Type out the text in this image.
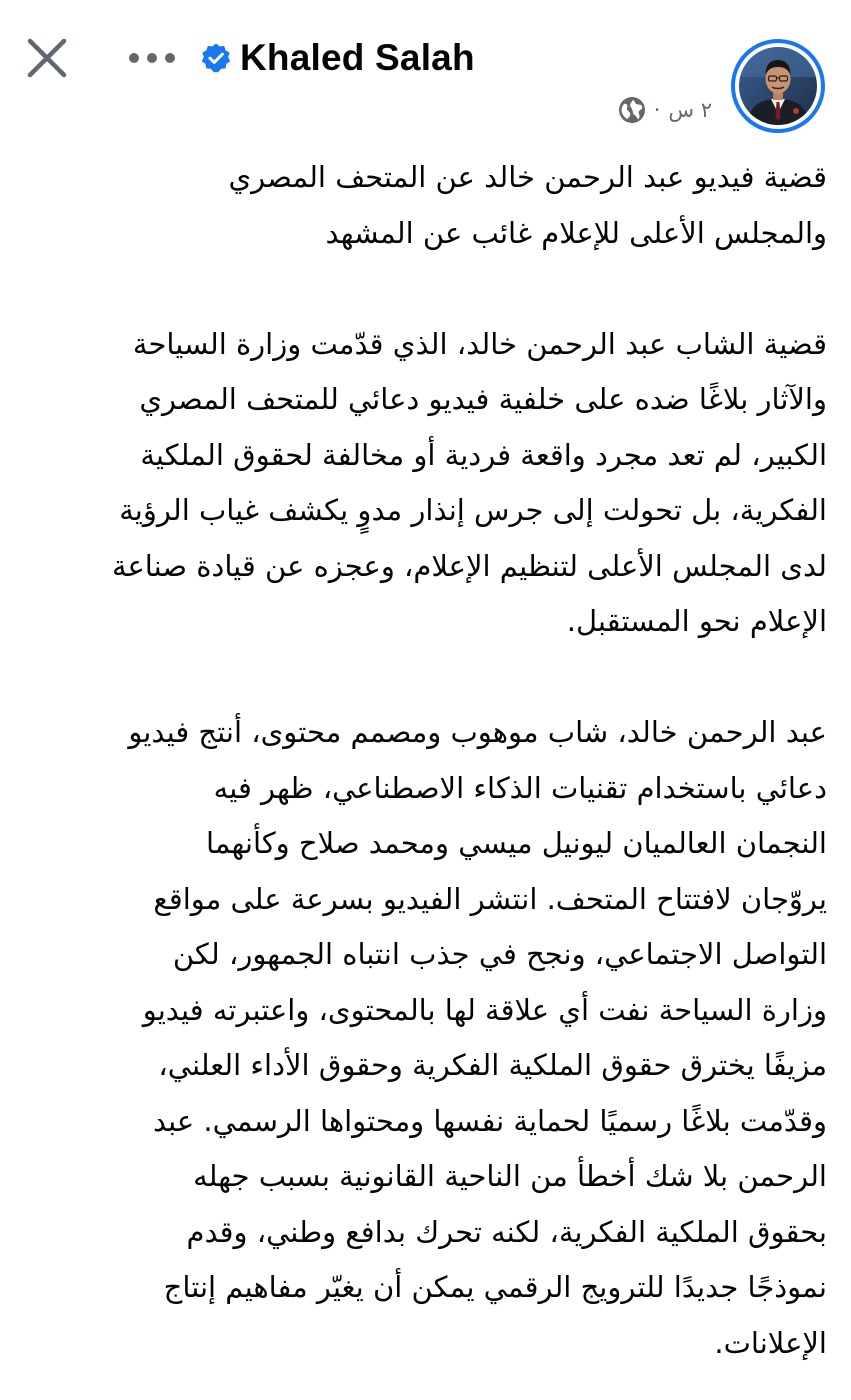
Khaled Salah
٢ س
·

قضية فيديو عبد الرحمن خالد عن المتحف المصري
والمجلس الأعلى للإعلام غائب عن المشهد

قضية الشاب عبد الرحمن خالد، الذي قدّمت وزارة السياحة
والآثار بلاغًا ضده على خلفية فيديو دعائي للمتحف المصري
الكبير، لم تعد مجرد واقعة فردية أو مخالفة لحقوق الملكية
الفكرية، بل تحولت إلى جرس إنذار مدوٍ يكشف غياب الرؤية
لدى المجلس الأعلى لتنظيم الإعلام، وعجزه عن قيادة صناعة
الإعلام نحو المستقبل.

عبد الرحمن خالد، شاب موهوب ومصمم محتوى، أنتج فيديو
دعائي باستخدام تقنيات الذكاء الاصطناعي، ظهر فيه
النجمان العالميان ليونيل ميسي ومحمد صلاح وكأنهما
يروّجان لافتتاح المتحف. انتشر الفيديو بسرعة على مواقع
التواصل الاجتماعي، ونجح في جذب انتباه الجمهور، لكن
وزارة السياحة نفت أي علاقة لها بالمحتوى، واعتبرته فيديو
مزيفًا يخترق حقوق الملكية الفكرية وحقوق الأداء العلني،
وقدّمت بلاغًا رسميًا لحماية نفسها ومحتواها الرسمي. عبد
الرحمن بلا شك أخطأ من الناحية القانونية بسبب جهله
بحقوق الملكية الفكرية، لكنه تحرك بدافع وطني، وقدم
نموذجًا جديدًا للترويج الرقمي يمكن أن يغيّر مفاهيم إنتاج
الإعلانات.
